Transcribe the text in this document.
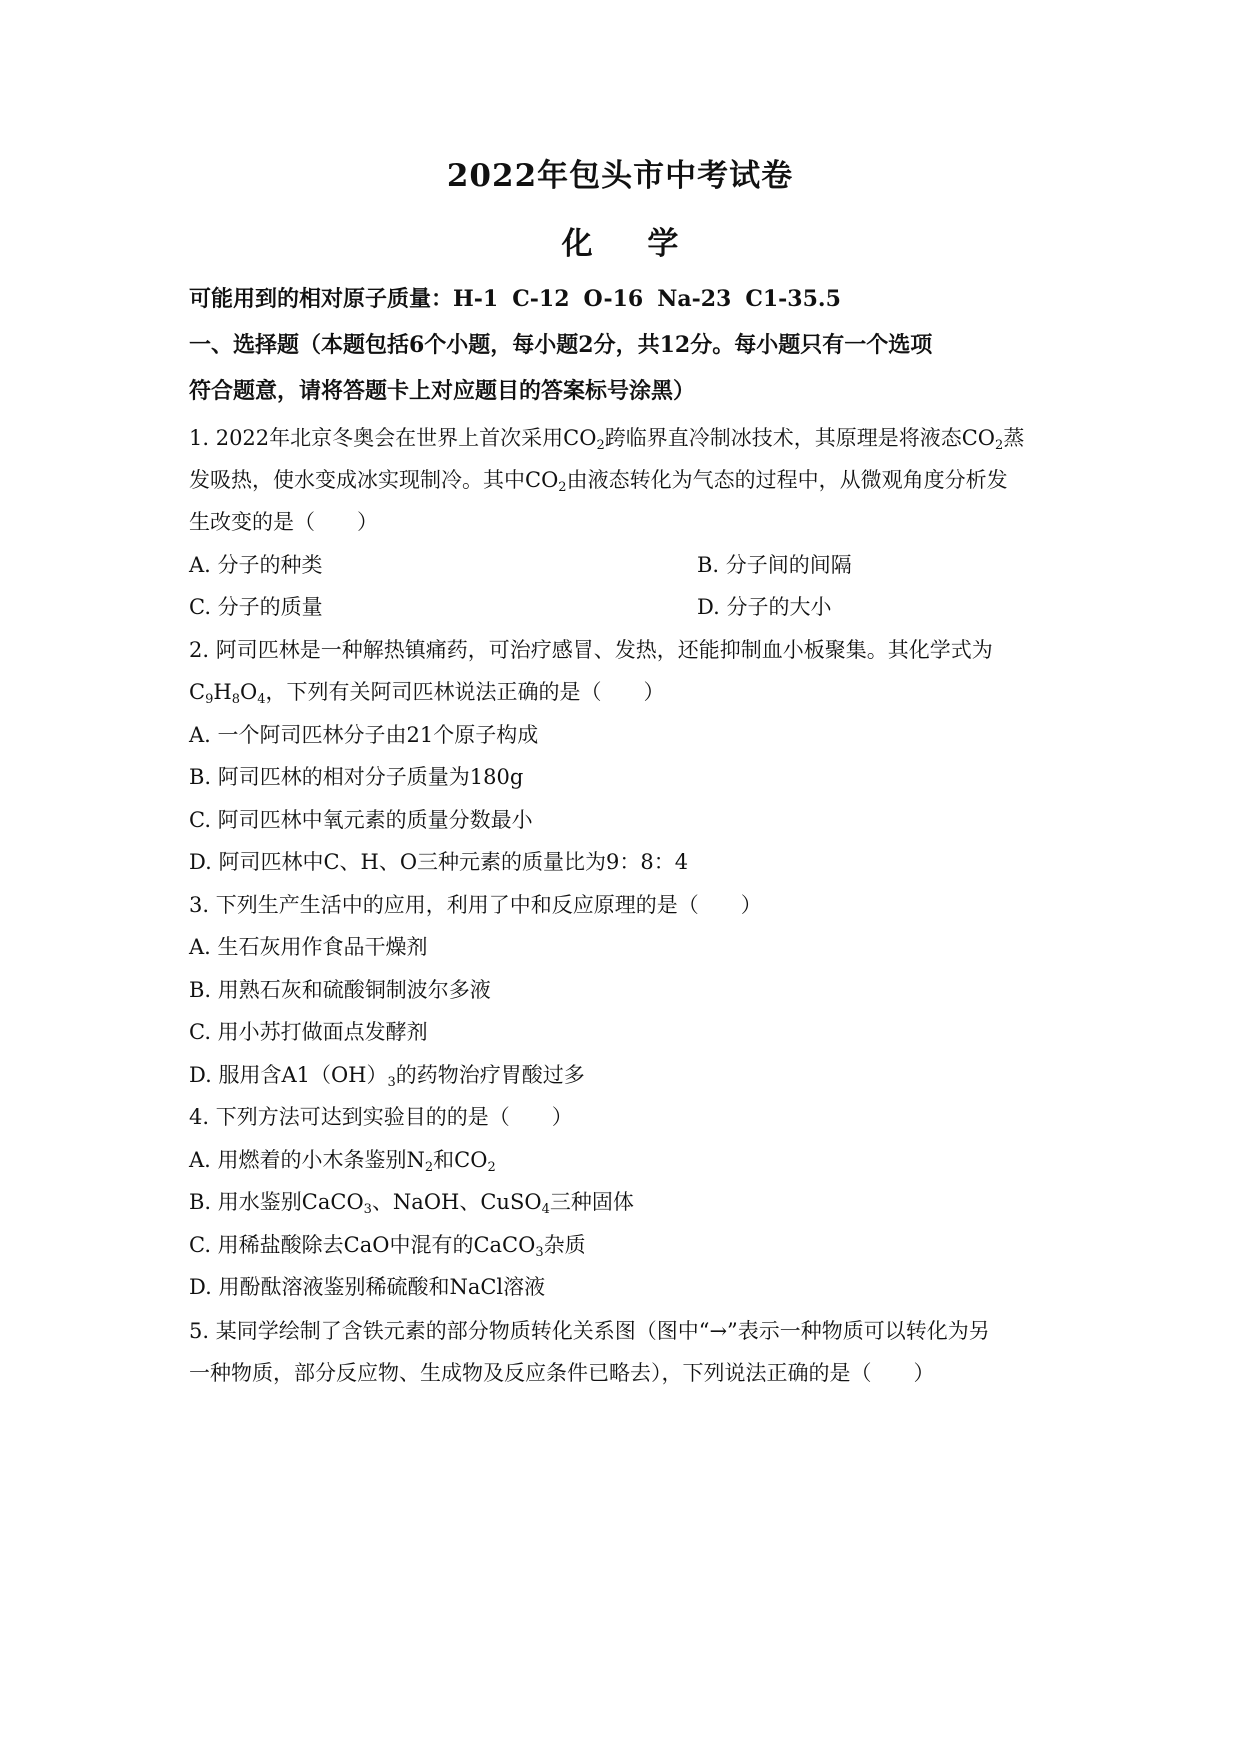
2022年包头市中考试卷
化 学
可能用到的相对原子质量：H-1 C-12 O-16 Na-23 C1-35.5
一、选择题（本题包括6个小题，每小题2分，共12分。每小题只有一个选项
符合题意，请将答题卡上对应题目的答案标号涂黑）
1. 2022年北京冬奥会在世界上首次采用$CO_2$跨临界直冷制冰技术，其原理是将液态$CO_2$蒸
发吸热，使水变成冰实现制冷。其中$CO_2$由液态转化为气态的过程中，从微观角度分析发
生改变的是（　　）
A. 分子的种类	B. 分子间的间隔
C. 分子的质量	D. 分子的大小
2. 阿司匹林是一种解热镇痛药，可治疗感冒、发热，还能抑制血小板聚集。其化学式为
$C_9H_8O_4$，下列有关阿司匹林说法正确的是（　　）
A. 一个阿司匹林分子由21个原子构成
B. 阿司匹林的相对分子质量为180g
C. 阿司匹林中氧元素的质量分数最小
D. 阿司匹林中C、H、O三种元素的质量比为9：8：4
3. 下列生产生活中的应用，利用了中和反应原理的是（　　）
A. 生石灰用作食品干燥剂
B. 用熟石灰和硫酸铜制波尔多液
C. 用小苏打做面点发酵剂
D. 服用含$A1(OH)_3$的药物治疗胃酸过多
4. 下列方法可达到实验目的的是（　　）
A. 用燃着的小木条鉴别$N_2$和$CO_2$
B. 用水鉴别CaCO$_3$、NaOH、CuSO$_4$三种固体
C. 用稀盐酸除去CaO中混有的CaCO$_3$杂质
D. 用酚酞溶液鉴别稀硫酸和NaCl溶液
5. 某同学绘制了含铁元素的部分物质转化关系图（图中“→”表示一种物质可以转化为另
一种物质，部分反应物、生成物及反应条件已略去），下列说法正确的是（　　）
